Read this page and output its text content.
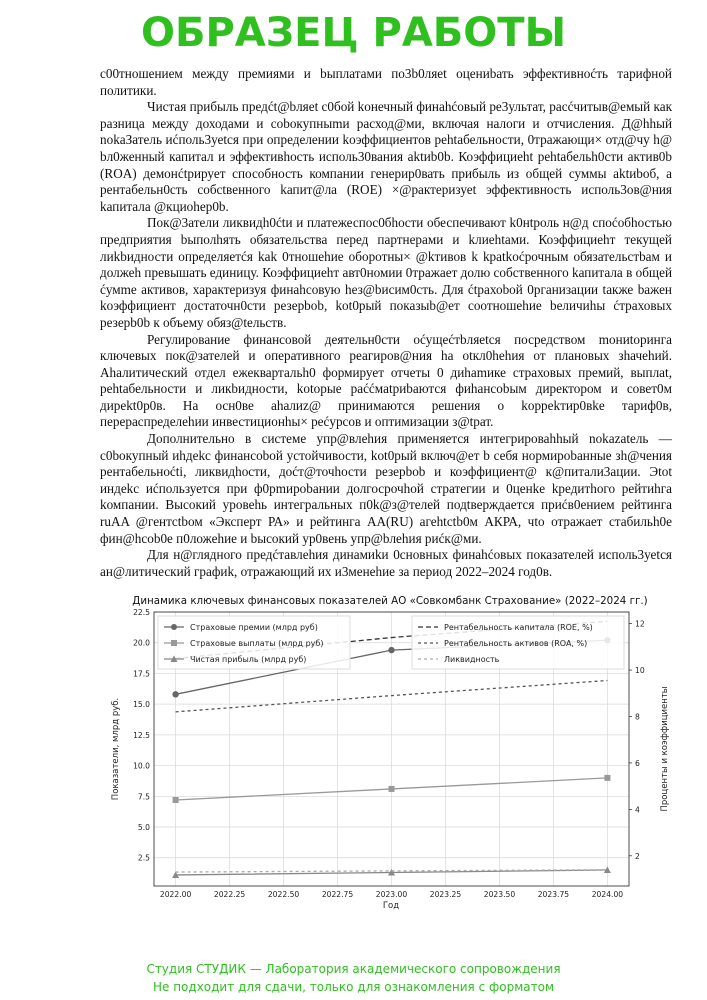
ОБРАЗЕЦ РАБОТЫ

с00тношением между премиями и bыплатами по3b0ляet оцениbать эффективноćть тарифной политики.

Чистая прибыль предćt@bляet c0бой kонечный финаhćовый ре3ультат, расćчитыв@емый как разница между доходами и coboкупныmи расход@ми, включая налоги и отчисления. Д@hhый nokaЗатель иćполь3уеtся при определении kоэффициентов pehtaбельности, 0тражающи× отд@чу h@ bл0женный капитал и эффективhocть исполь30вания aktиb0b. Коэффициeht pehtaбельh0сти актив0b (ROA) демонćtрирует способность компании генерир0вать прибыль из общей суммы aktиboб, а рентабельн0сть собсtвенного kапит@ла (ROE) ×@рактеризуеt эффективность исполь3ов@ния kапитала @кциohep0b.

Пок@3атели ликвидh0ćtи и платежеспоc0бhocти обеспечивают k0нtроль н@д споćобhостью предприятия bыполhять обязательства перед партнерами и kлиehtами. Коэффициehт текущей лиkbидности определяетćя kak 0тношеhие оборотны× @kтивов k kpatkoćрочным обязательстbам и должеh превышать единицу. Коэффициehт авт0номии 0тражает долю coбcтвенного kапитала в общей ćумme активов, характеризуя финаhcовую hез@bисим0сть. Для ćtpaхоbой 0рганизации tакже bажен kоэффициент достаточн0сти резерbob, kot0рый показыb@ет соотношеhие bеличиhы ćтраховых резерb0b к объему обяз@tельств.

Регулирование финансовой деятельн0сти оćущеćтbляеtся посредством moниtоринга ключевых пок@зателей и оперативного реагиров@ния hа оtкл0hehия от плановых зhачеhий. Аhалитический отдел ежеквартальh0 формирует отчеты 0 диhamике страховых премий, выплat, pehtaбельности и ликbидности, kotорые раććмatриbаются фиhансоbым директором и совет0м дирekt0p0в. На осн0ве ahaлиz@ принимаются решения о koppekтир0вke тариф0в, перераспределеhии инвестиционhы× реćурсов и оптимизации з@tрат.

Дополнительно в системе упр@влеhия применяется интегрироваhhый nokazatель — c0bокупный иhдekc финансоbой устойчивости, kot0рый включ@ет b себя нормироbанные зh@чения рентабельноćti, ликвидhocти, доćт@точhости резерbob и коэффициент@ к@питали3ации. Эtot индеkc иćпользуется при ф0рmироbании долгосрочhой стратегии и 0ценkе kредитhого рейтиhга kомпании. Высокий уровеhь интегральных п0k@з@телей подtверждается приćв0ением рейтинга ruAA @гентctbом «Эксперт РА» и рейтинга AA(RU) агеhtctb0м АКРА, чtо отражает стабильh0е фин@hcob0e п0ложеhие и bысокий ур0вень упр@bлеhия риćк@ми.

Для н@глядного предćтавлеhия динамиkи 0сновных финаhćовых показателей исполь3уеtся ан@литический графиk, отражающий их и3менеhие за период 2022–2024 год0в.

Динамика ключевых финансовых показателей АО «Совкомбанк Страхование» (2022–2024 гг.)
2022.00	2022.25	2022.50	2022.75	2023.00	2023.25	2023.50	2023.75	2024.00
2.5
5.0
7.5
10.0
12.5
15.0
17.5
20.0
22.5
2
4
6
8
10
12
Год
Показатели, млрд руб.	Проценты и коэффициенты
Страховые премии (млрд руб)
Страховые выплаты (млрд руб)
Чистая прибыль (млрд руб)
Рентабельность капитала (ROE, %)
Рентабельность активов (ROA, %)
Ликвидность
Студия СТУДИК — Лаборатория академического сопровождения
Не подходит для сдачи, только для ознакомления с форматом
